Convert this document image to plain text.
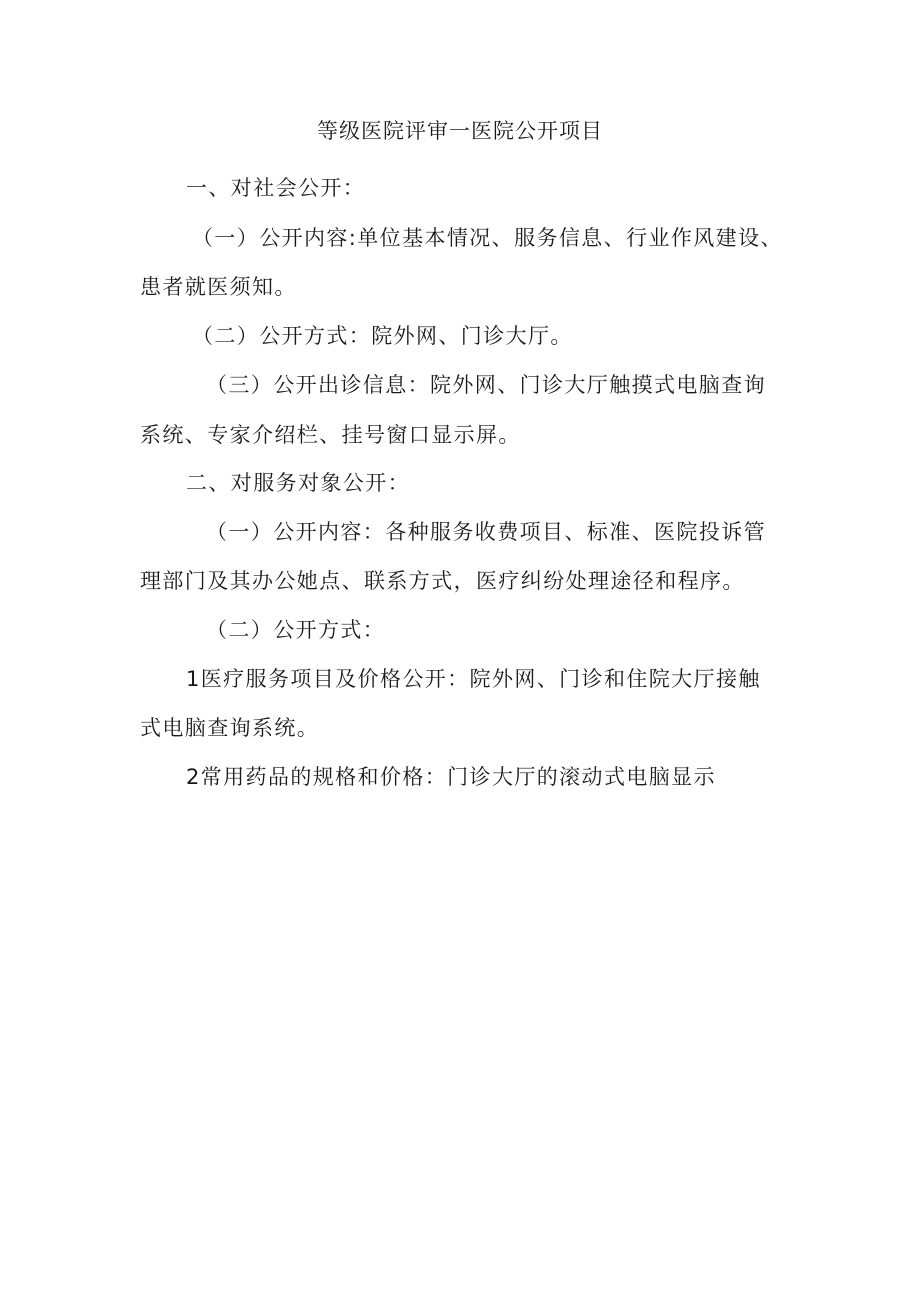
等级医院评审一医院公开项目
一、对社会公开：
（一）公开内容:单位基本情况、服务信息、行业作风建设、
患者就医须知。
（二）公开方式：院外网、门诊大厅。
（三）公开出诊信息：院外网、门诊大厅触摸式电脑查询
系统、专家介绍栏、挂号窗口显示屏。
二、对服务对象公开：
（一）公开内容：各种服务收费项目、标准、医院投诉管
理部门及其办公她点、联系方式，医疗纠纷处理途径和程序。
（二）公开方式：
1医疗服务项目及价格公开：院外网、门诊和住院大厅接触
式电脑查询系统。
2常用药品的规格和价格：门诊大厅的滚动式电脑显示
